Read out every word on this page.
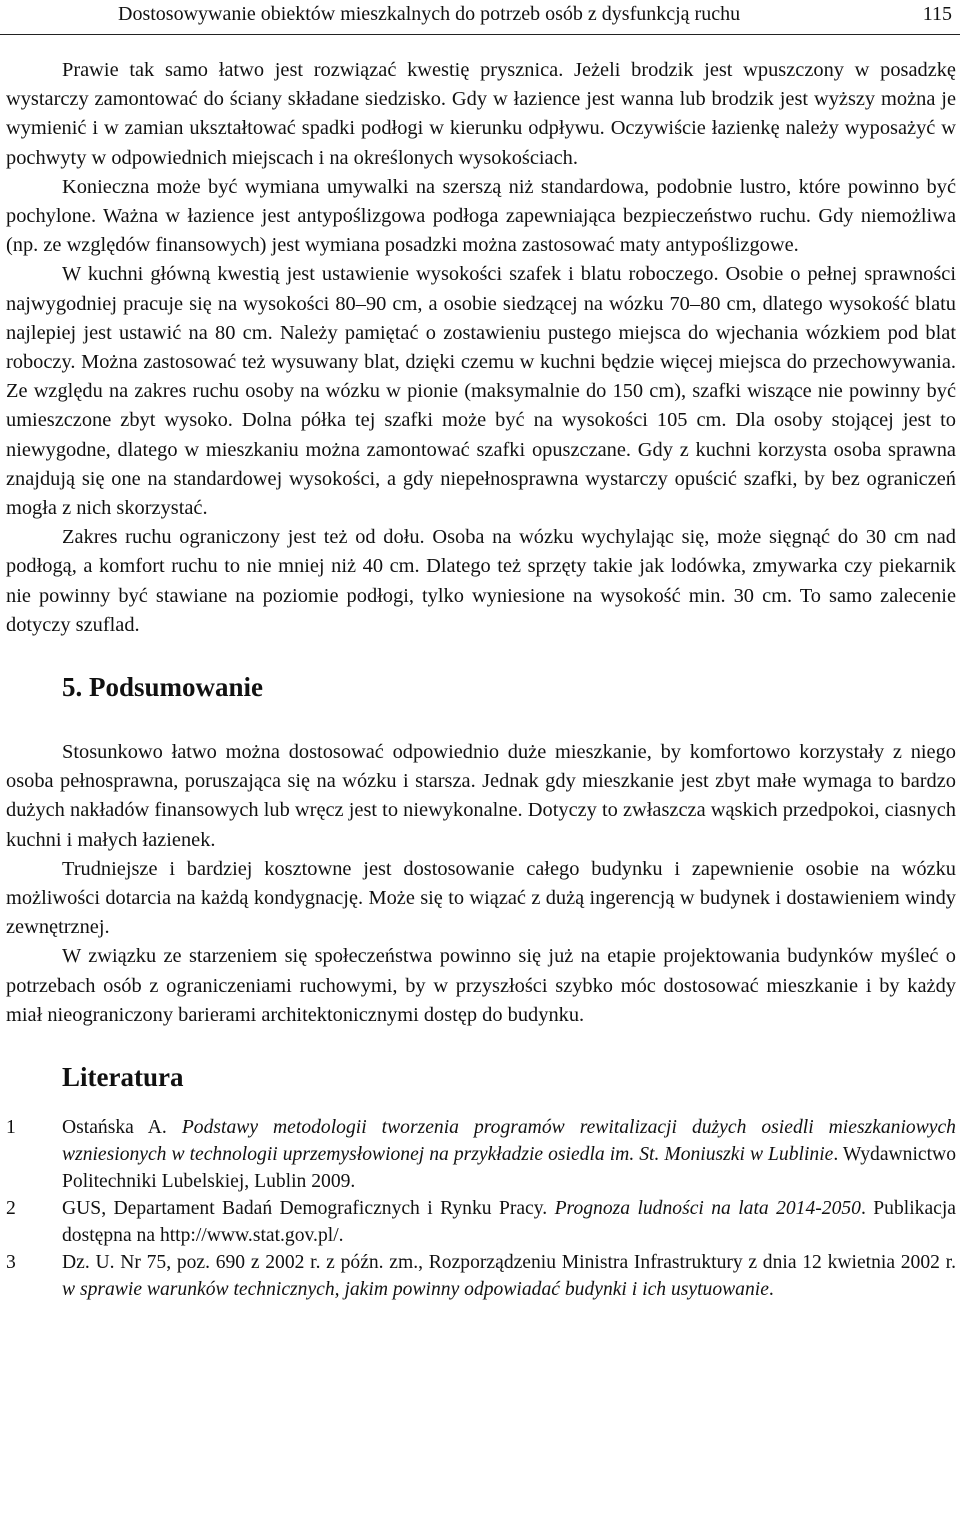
Dostosowywanie obiektów mieszkalnych do potrzeb osób z dysfunkcją ruchu	115

Prawie tak samo łatwo jest rozwiązać kwestię prysznica. Jeżeli brodzik jest wpuszczony w posadzkę wystarczy zamontować do ściany składane siedzisko. Gdy w łazience jest wanna lub brodzik jest wyższy można je wymienić i w zamian ukształtować spadki podłogi w kierunku odpływu. Oczywiście łazienkę należy wyposażyć w pochwyty w odpowiednich miejscach i na określonych wysokościach.

Konieczna może być wymiana umywalki na szerszą niż standardowa, podobnie lustro, które powinno być pochylone. Ważna w łazience jest antypoślizgowa podłoga zapewniająca bezpieczeństwo ruchu. Gdy niemożliwa (np. ze względów finansowych) jest wymiana posadzki można zastosować maty antypoślizgowe.

W kuchni główną kwestią jest ustawienie wysokości szafek i blatu roboczego. Osobie o pełnej sprawności najwygodniej pracuje się na wysokości 80–90 cm, a osobie siedzącej na wózku 70–80 cm, dlatego wysokość blatu najlepiej jest ustawić na 80 cm. Należy pamiętać o zostawieniu pustego miejsca do wjechania wózkiem pod blat roboczy. Można zastosować też wysuwany blat, dzięki czemu w kuchni będzie więcej miejsca do przechowywania. Ze względu na zakres ruchu osoby na wózku w pionie (maksymalnie do 150 cm), szafki wiszące nie powinny być umieszczone zbyt wysoko. Dolna półka tej szafki może być na wysokości 105 cm. Dla osoby stojącej jest to niewygodne, dlatego w mieszkaniu można zamontować szafki opuszczane. Gdy z kuchni korzysta osoba sprawna znajdują się one na standardowej wysokości, a gdy niepełnosprawna wystarczy opuścić szafki, by bez ograniczeń mogła z nich skorzystać.

Zakres ruchu ograniczony jest też od dołu. Osoba na wózku wychylając się, może sięgnąć do 30 cm nad podłogą, a komfort ruchu to nie mniej niż 40 cm. Dlatego też sprzęty takie jak lodówka, zmywarka czy piekarnik nie powinny być stawiane na poziomie podłogi, tylko wyniesione na wysokość min. 30 cm. To samo zalecenie dotyczy szuflad.

5. Podsumowanie

Stosunkowo łatwo można dostosować odpowiednio duże mieszkanie, by komfortowo korzystały z niego osoba pełnosprawna, poruszająca się na wózku i starsza. Jednak gdy mieszkanie jest zbyt małe wymaga to bardzo dużych nakładów finansowych lub wręcz jest to niewykonalne. Dotyczy to zwłaszcza wąskich przedpokoi, ciasnych kuchni i małych łazienek.

Trudniejsze i bardziej kosztowne jest dostosowanie całego budynku i zapewnienie osobie na wózku możliwości dotarcia na każdą kondygnację. Może się to wiązać z dużą ingerencją w budynek i dostawieniem windy zewnętrznej.

W związku ze starzeniem się społeczeństwa powinno się już na etapie projektowania budynków myśleć o potrzebach osób z ograniczeniami ruchowymi, by w przyszłości szybko móc dostosować mieszkanie i by każdy miał nieograniczony barierami architektonicznymi dostęp do budynku.

Literatura
1 Ostańska A. Podstawy metodologii tworzenia programów rewitalizacji dużych osiedli mieszkaniowych wzniesionych w technologii uprzemysłowionej na przykładzie osiedla im. St. Moniuszki w Lublinie. Wydawnictwo Politechniki Lubelskiej, Lublin 2009.
2 GUS, Departament Badań Demograficznych i Rynku Pracy. Prognoza ludności na lata 2014-2050. Publikacja dostępna na http://www.stat.gov.pl/.
3 Dz. U. Nr 75, poz. 690 z 2002 r. z późn. zm., Rozporządzeniu Ministra Infrastruktury z dnia 12 kwietnia 2002 r. w sprawie warunków technicznych, jakim powinny odpowiadać budynki i ich usytuowanie.
